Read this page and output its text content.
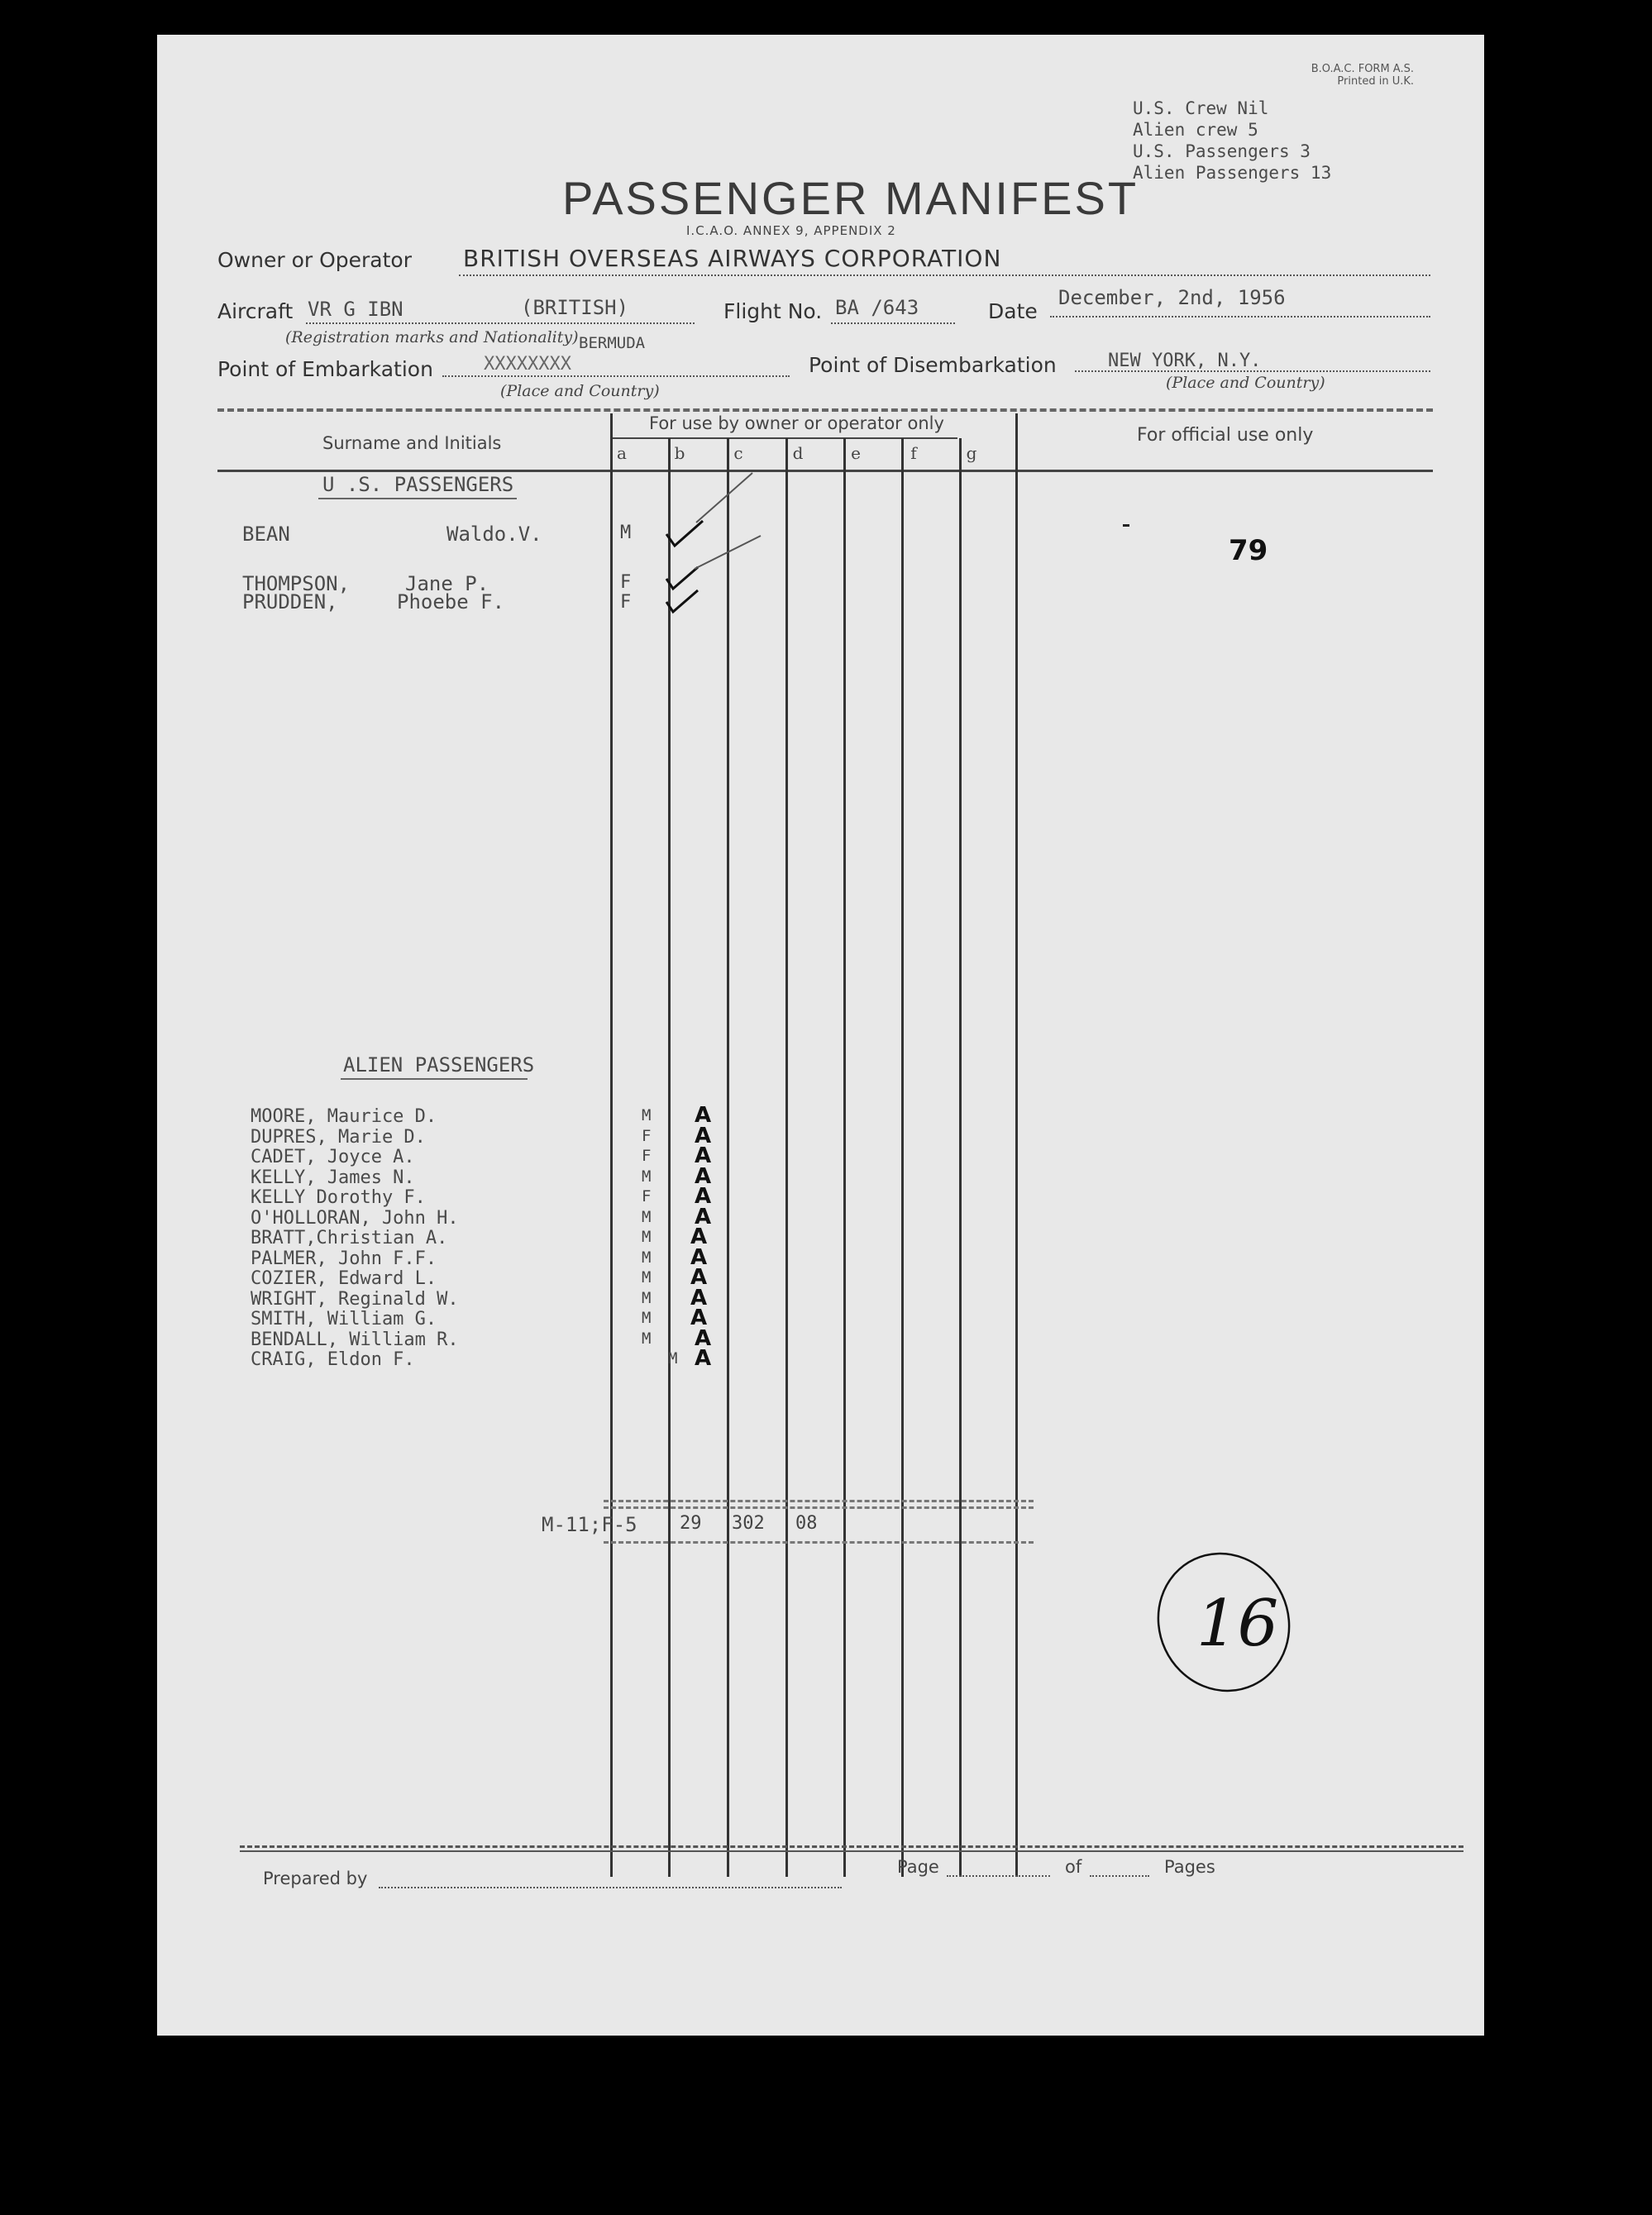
B.O.A.C. FORM A.S.
Printed in U.K.
U.S. Crew Nil
Alien crew 5
U.S. Passengers 3
Alien Passengers 13
PASSENGER MANIFEST
I.C.A.O. ANNEX 9, APPENDIX 2
Owner or Operator BRITISH OVERSEAS AIRWAYS CORPORATION
Aircraft VR G IBN	(BRITISH)
(Registration marks and Nationality)
Flight No. BA /643	Date
December, 2nd, 1956
BERMUDA
Point of Embarkation	XXXXXXXX
(Place and Country)
Point of Disembarkation	NEW YORK, N.Y.
(Place and Country)
Surname and Initials
For use by owner or operator only
For official use only
a	b	c	d	e	f	g
U .S. PASSENGERS
BEAN	Waldo.V.	M
THOMPSON,	Jane P.	F
PRUDDEN,	Phoebe F.	F
79
ALIEN PASSENGERS
MOORE, Maurice D.	M A
DUPRES, Marie D.	F A
CADET, Joyce A.	F A
KELLY, James N.	M A
KELLY Dorothy F.	F A
O'HOLLORAN, John H.	M A
BRATT,Christian A.	M A
PALMER, John F.F.	M A
COZIER, Edward L.	M A
WRIGHT, Reginald W.	M A
SMITH, William G.	M A
BENDALL, William R.	M A
CRAIG, Eldon F.	M A
M-11;F-5 29 302 08
16
Prepared by
Page	of	Pages
